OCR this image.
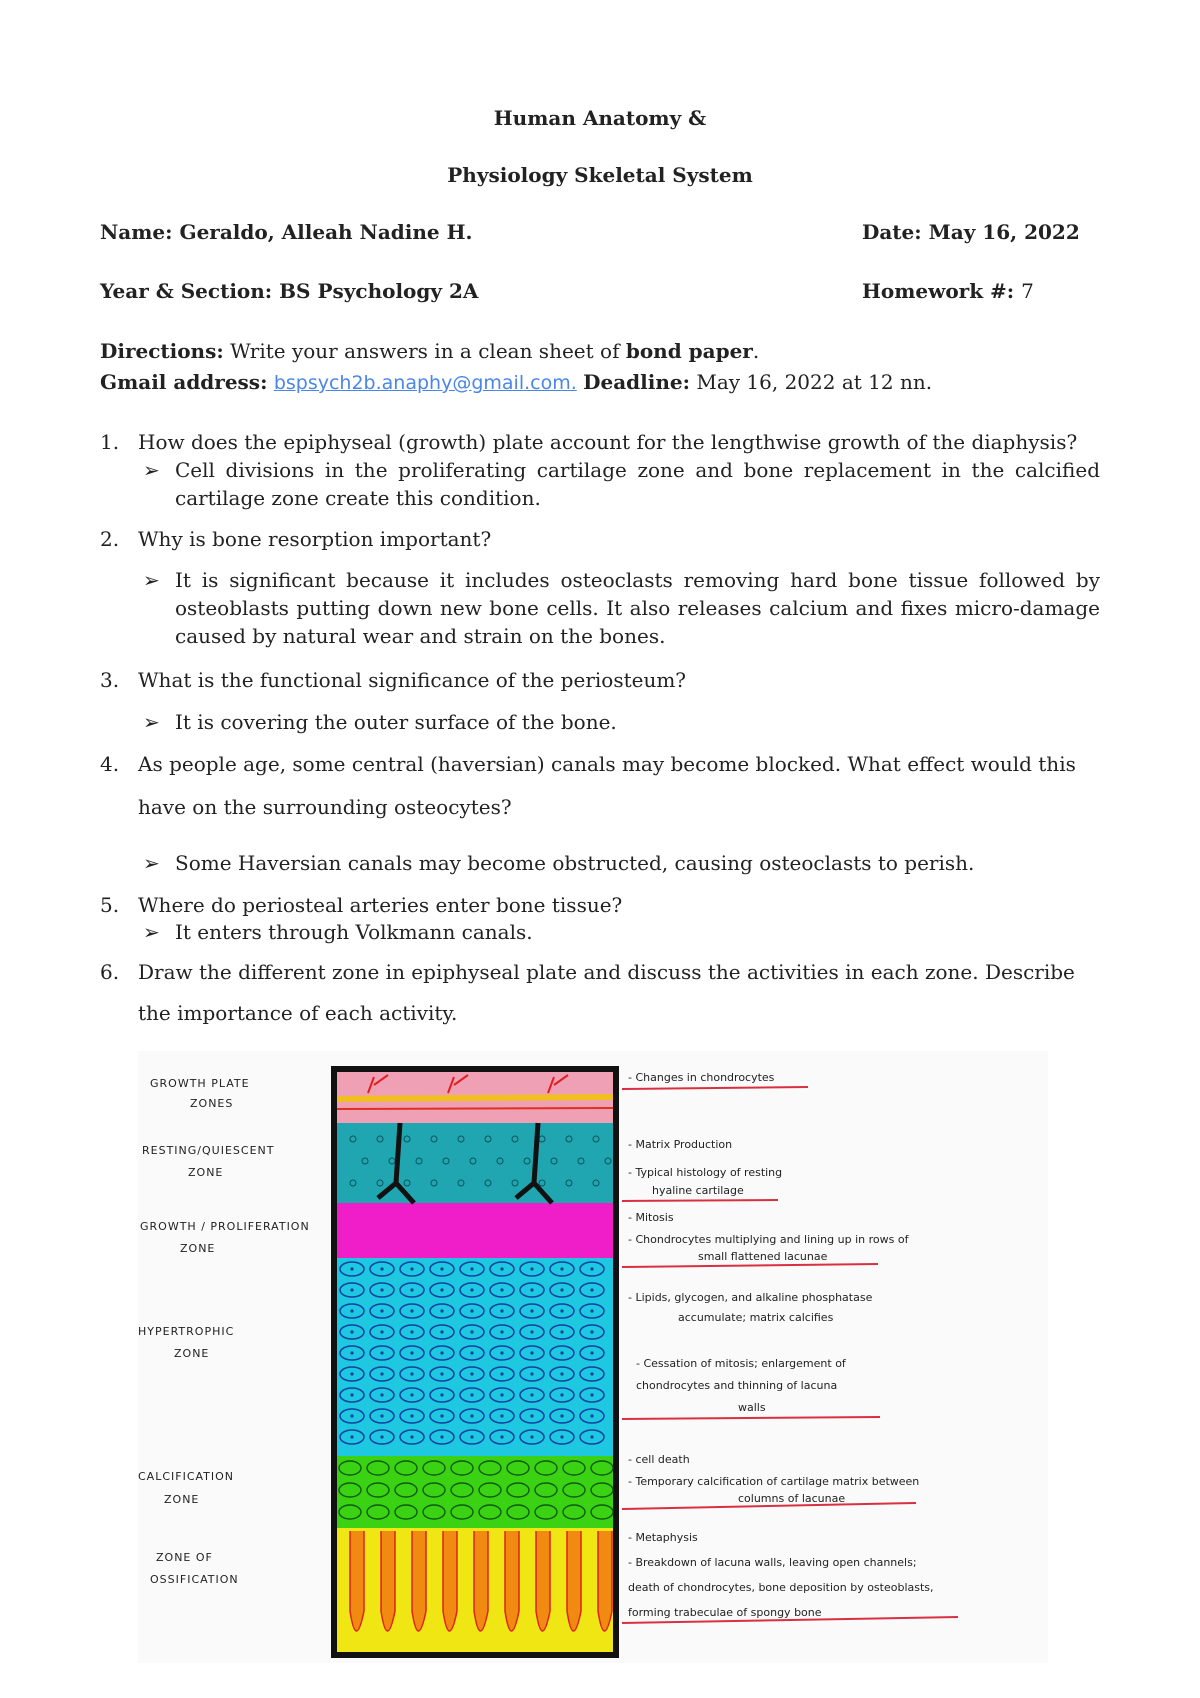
Human Anatomy &
Physiology Skeletal System
Name: Geraldo, Alleah Nadine H.	Date: May 16, 2022
Year & Section: BS Psychology 2A	Homework #: 7
Directions: Write your answers in a clean sheet of bond paper.
Gmail address: bspsych2b.anaphy@gmail.com. Deadline: May 16, 2022 at 12 nn.
1. How does the epiphyseal (growth) plate account for the lengthwise growth of the diaphysis?
➢ Cell divisions in the proliferating cartilage zone and bone replacement in the calcified cartilage zone create this condition.
2. Why is bone resorption important?
➢ It is significant because it includes osteoclasts removing hard bone tissue followed by osteoblasts putting down new bone cells. It also releases calcium and fixes micro-damage caused by natural wear and strain on the bones.
3. What is the functional significance of the periosteum?
➢ It is covering the outer surface of the bone.
4. As people age, some central (haversian) canals may become blocked. What effect would this
have on the surrounding osteocytes?
➢ Some Haversian canals may become obstructed, causing osteoclasts to perish.
5. Where do periosteal arteries enter bone tissue?
➢ It enters through Volkmann canals.
6. Draw the different zone in epiphyseal plate and discuss the activities in each zone. Describe
the importance of each activity.
GROWTH PLATE
ZONES
RESTING/QUIESCENT
ZONE
GROWTH / PROLIFERATION
ZONE
HYPERTROPHIC
ZONE
CALCIFICATION
ZONE
ZONE OF
OSSIFICATION
- Changes in chondrocytes
- Matrix Production
- Typical histology of resting
hyaline cartilage
- Mitosis
- Chondrocytes multiplying and lining up in rows of
small flattened lacunae
- Lipids, glycogen, and alkaline phosphatase
accumulate; matrix calcifies
- Cessation of mitosis; enlargement of
chondrocytes and thinning of lacuna
walls
- cell death
- Temporary calcification of cartilage matrix between
columns of lacunae
- Metaphysis
- Breakdown of lacuna walls, leaving open channels;
death of chondrocytes, bone deposition by osteoblasts,
forming trabeculae of spongy bone
